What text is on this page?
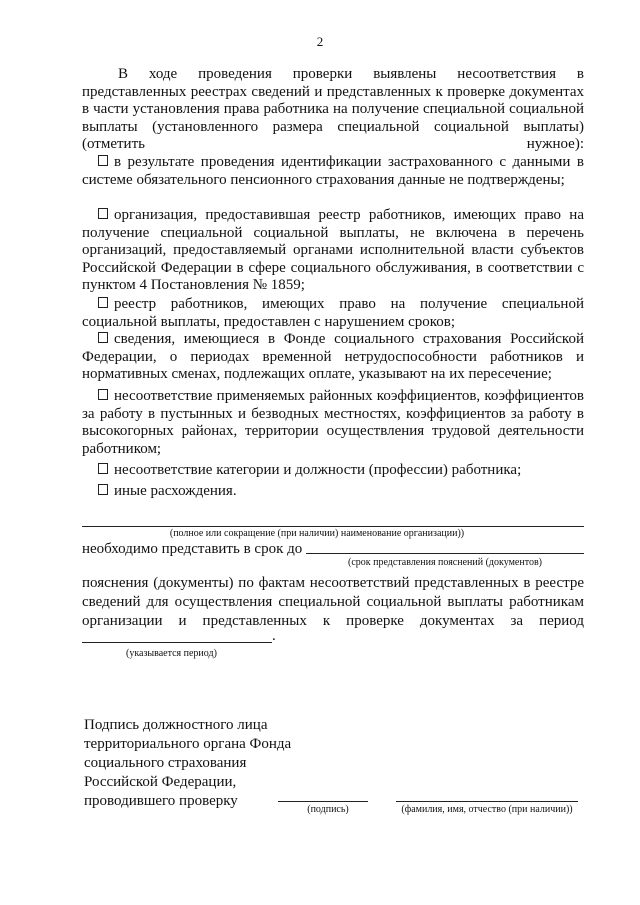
2
В ходе проведения проверки выявлены несоответствия в представленных реестрах сведений и представленных к проверке документах в части установления права работника на получение специальной социальной выплаты (установленного размера специальной социальной выплаты) (отметить нужное):
в результате проведения идентификации застрахованного с данными в системе обязательного пенсионного страхования данные не подтверждены;
организация, предоставившая реестр работников, имеющих право на получение специальной социальной выплаты, не включена в перечень организаций, предоставляемый органами исполнительной власти субъектов Российской Федерации в сфере социального обслуживания, в соответствии с пунктом 4 Постановления № 1859;
реестр работников, имеющих право на получение специальной социальной выплаты, предоставлен с нарушением сроков;
сведения, имеющиеся в Фонде социального страхования Российской Федерации, о периодах временной нетрудоспособности работников и нормативных сменах, подлежащих оплате, указывают на их пересечение;
несоответствие применяемых районных коэффициентов, коэффициентов за работу в пустынных и безводных местностях, коэффициентов за работу в высокогорных районах, территории осуществления трудовой деятельности работником;
несоответствие категории и должности (профессии) работника;
иные расхождения.
(полное или сокращение (при наличии) наименование организации))
необходимо представить в срок до
(срок представления пояснений (документов)
пояснения (документы) по фактам несоответствий представленных в реестре сведений для осуществления специальной социальной выплаты работникам организации и представленных к проверке документах за период
.
(указывается период)
Подпись должностного лица
территориального органа Фонда
социального страхования
Российской Федерации,
проводившего проверку
(подпись)	(фамилия, имя, отчество (при наличии))
